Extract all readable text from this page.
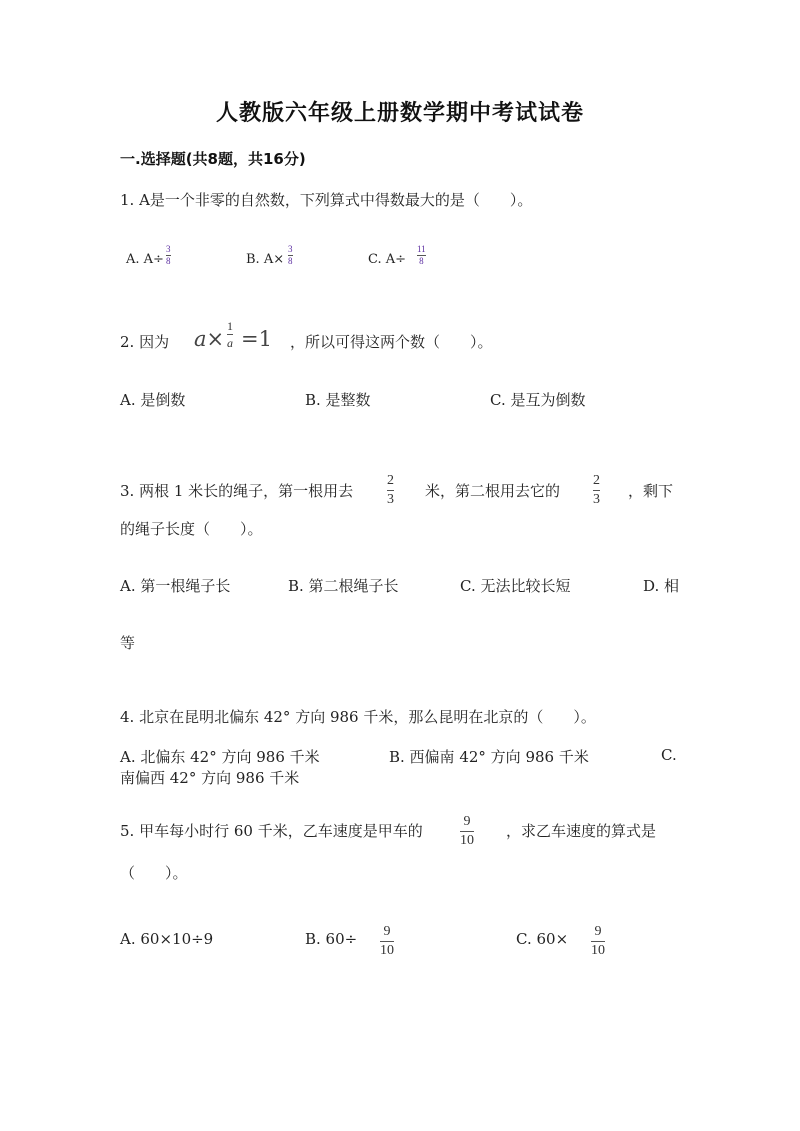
人教版六年级上册数学期中考试试卷
一.选择题(共8题，共16分)
1. A是一个非零的自然数，下列算式中得数最大的是（　　）。
A. A÷
3
8	B. A×
3
8	C. A÷
11
8
2. 因为 a×
1
a =1 ，所以可得这两个数（　　）。
A. 是倒数	B. 是整数	C. 是互为倒数
3. 两根 1 米长的绳子，第一根用去
2
3 米，第二根用去它的
2
3 ，剩下
的绳子长度（　　）。
A. 第一根绳子长	B. 第二根绳子长	C. 无法比较长短	D. 相
等
4. 北京在昆明北偏东 42° 方向 986 千米，那么昆明在北京的（　　）。
A. 北偏东 42° 方向 986 千米	B. 西偏南 42° 方向 986 千米	C.
南偏西 42° 方向 986 千米
5. 甲车每小时行 60 千米，乙车速度是甲车的
9
10
，求乙车速度的算式是
（　　）。
A. 60×10÷9	B. 60÷ 9
10
C. 60× 9
10
